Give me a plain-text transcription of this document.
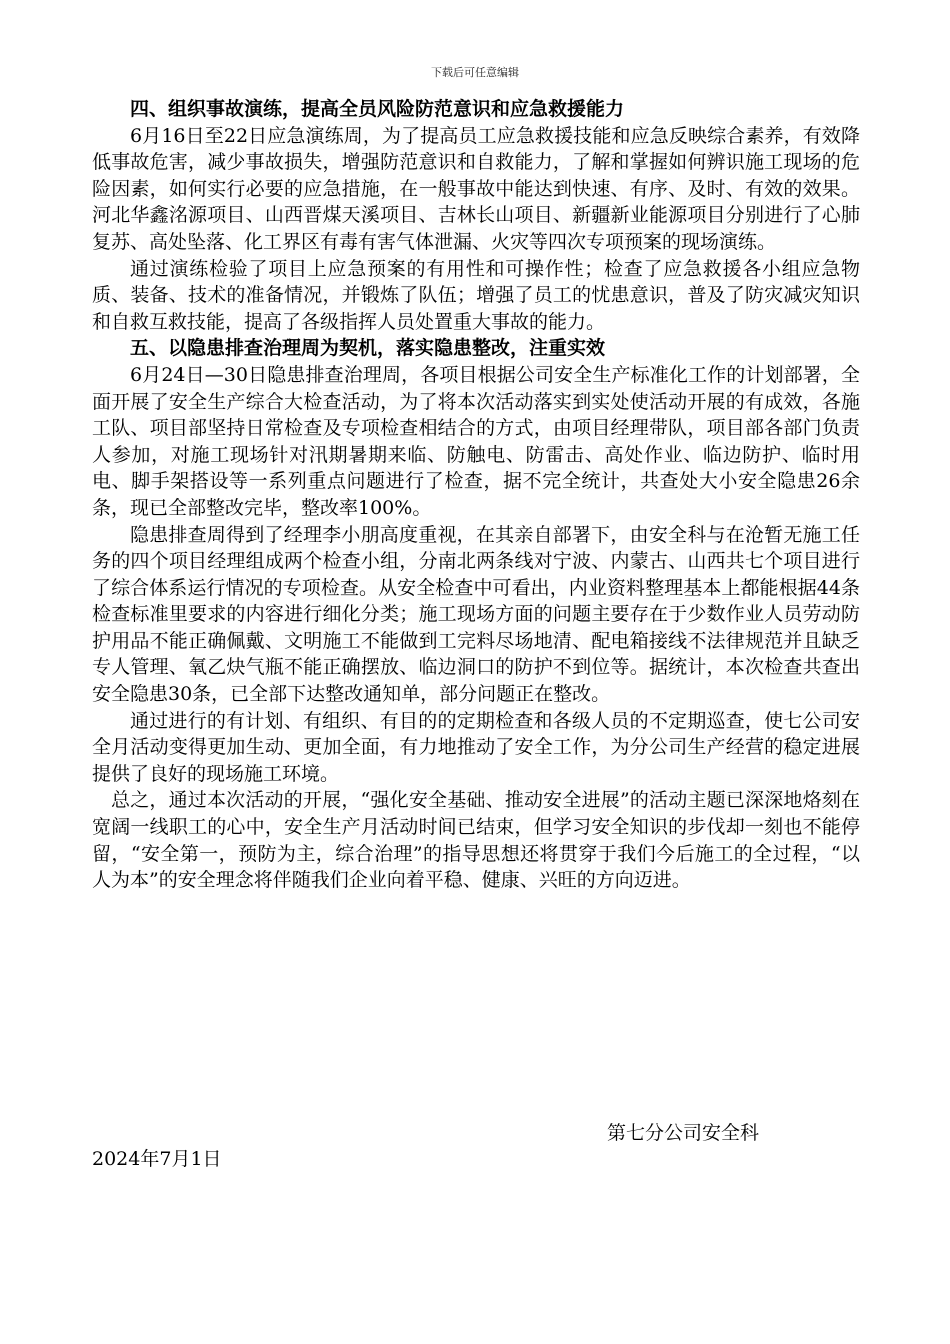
下载后可任意编辑
四、组织事故演练，提高全员风险防范意识和应急救援能力

6月16日至22日应急演练周，为了提高员工应急救援技能和应急反映综合素养，有效降低事故危害，减少事故损失，增强防范意识和自救能力，了解和掌握如何辨识施工现场的危险因素，如何实行必要的应急措施，在一般事故中能达到快速、有序、及时、有效的效果。河北华鑫洺源项目、山西晋煤天溪项目、吉林长山项目、新疆新业能源项目分别进行了心肺复苏、高处坠落、化工界区有毒有害气体泄漏、火灾等四次专项预案的现场演练。

通过演练检验了项目上应急预案的有用性和可操作性；检查了应急救援各小组应急物质、装备、技术的准备情况，并锻炼了队伍；增强了员工的忧患意识，普及了防灾减灾知识和自救互救技能，提高了各级指挥人员处置重大事故的能力。

五、以隐患排查治理周为契机，落实隐患整改，注重实效

6月24日—30日隐患排查治理周，各项目根据公司安全生产标准化工作的计划部署，全面开展了安全生产综合大检查活动，为了将本次活动落实到实处使活动开展的有成效，各施工队、项目部坚持日常检查及专项检查相结合的方式，由项目经理带队，项目部各部门负责人参加，对施工现场针对汛期暑期来临、防触电、防雷击、高处作业、临边防护、临时用电、脚手架搭设等一系列重点问题进行了检查，据不完全统计，共查处大小安全隐患26余条，现已全部整改完毕，整改率100%。

隐患排查周得到了经理李小朋高度重视，在其亲自部署下，由安全科与在沧暂无施工任务的四个项目经理组成两个检查小组，分南北两条线对宁波、内蒙古、山西共七个项目进行了综合体系运行情况的专项检查。从安全检查中可看出，内业资料整理基本上都能根据44条检查标准里要求的内容进行细化分类；施工现场方面的问题主要存在于少数作业人员劳动防护用品不能正确佩戴、文明施工不能做到工完料尽场地清、配电箱接线不法律规范并且缺乏专人管理、氧乙炔气瓶不能正确摆放、临边洞口的防护不到位等。据统计，本次检查共查出安全隐患30条，已全部下达整改通知单，部分问题正在整改。

通过进行的有计划、有组织、有目的的定期检查和各级人员的不定期巡查，使七公司安全月活动变得更加生动、更加全面，有力地推动了安全工作，为分公司生产经营的稳定进展提供了良好的现场施工环境。

总之，通过本次活动的开展，“强化安全基础、推动安全进展”的活动主题已深深地烙刻在宽阔一线职工的心中，安全生产月活动时间已结束，但学习安全知识的步伐却一刻也不能停留，“安全第一，预防为主，综合治理”的指导思想还将贯穿于我们今后施工的全过程，“以人为本”的安全理念将伴随我们企业向着平稳、健康、兴旺的方向迈进。

第七分公司安全科
2024年7月1日
